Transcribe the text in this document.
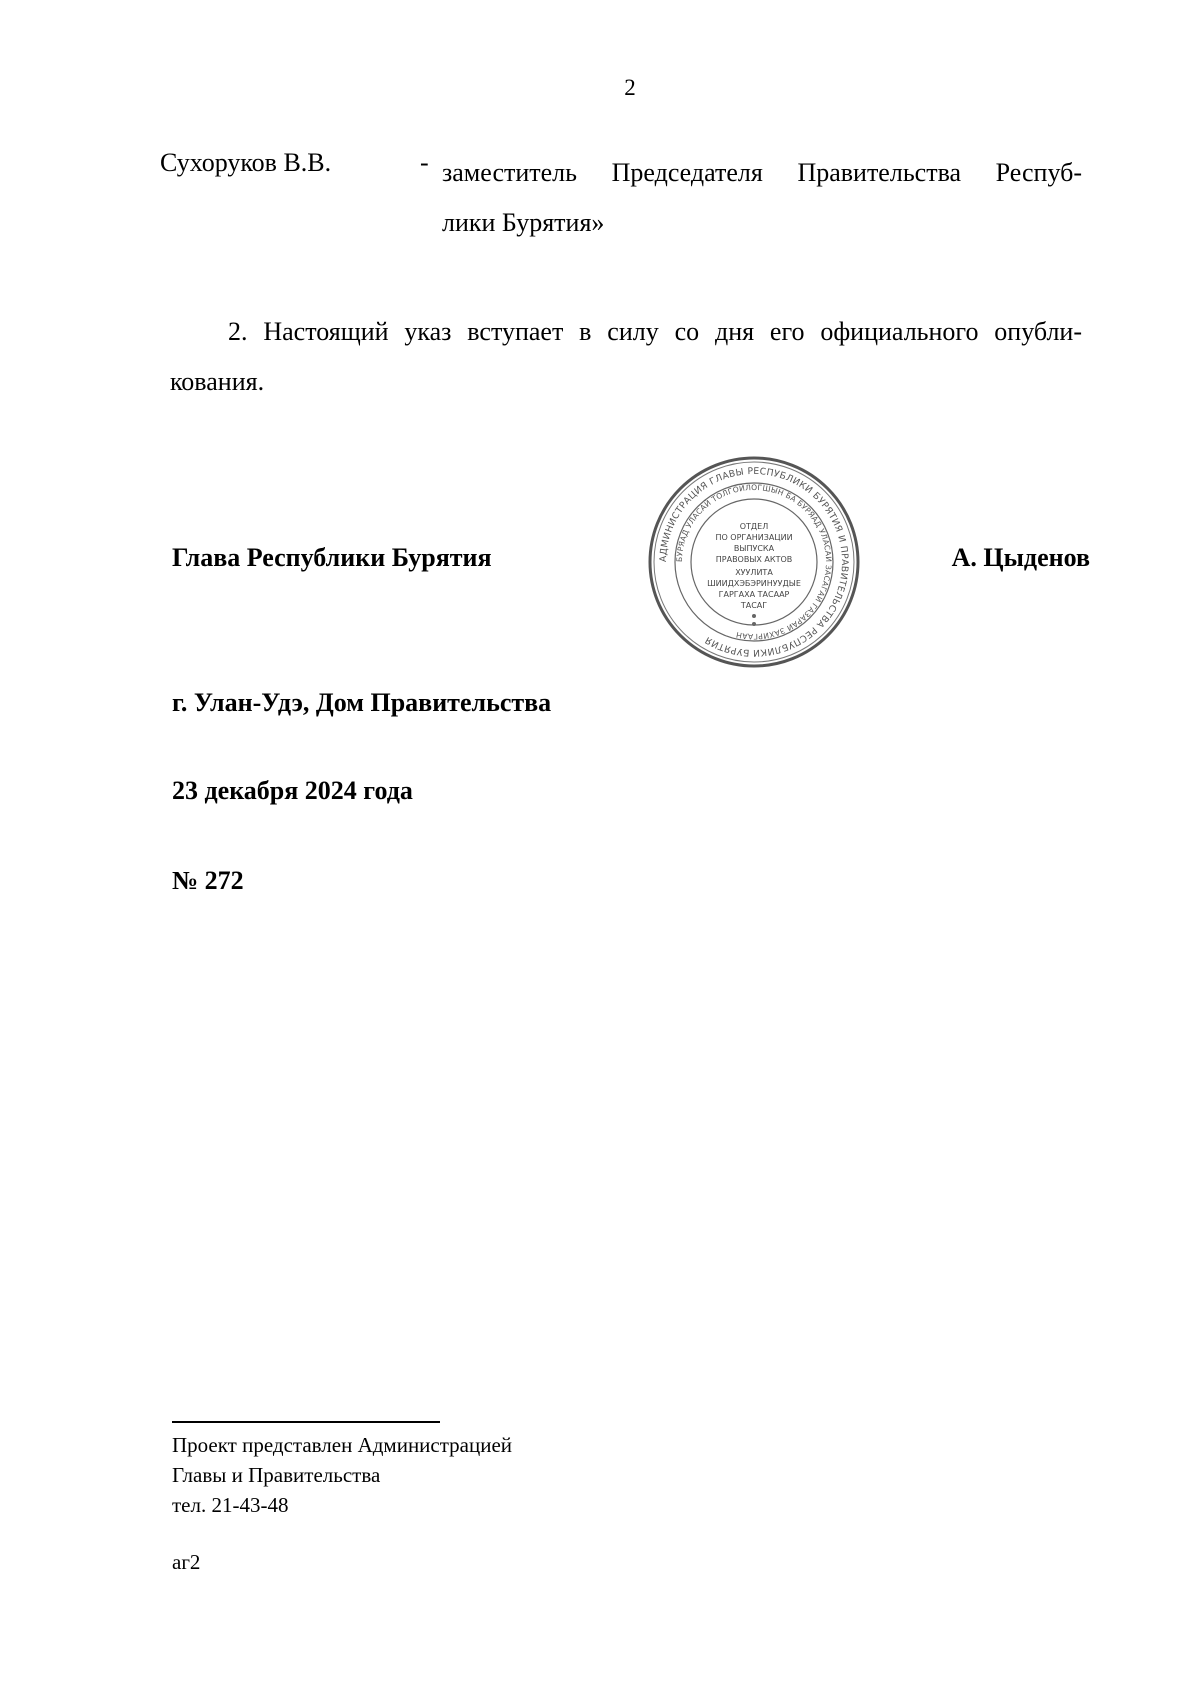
2
Сухоруков В.В.	- заместитель Председателя Правительства Респуб-
лики Бурятия»
2. Настоящий указ вступает в силу со дня его официального опубли-
кования.
Глава Республики Бурятия	АДМИНИСТРАЦИЯ ГЛАВЫ РЕСПУБЛИКИ БУРЯТИЯ И ПРАВИТЕЛЬСТВА РЕСПУБЛИКИ БУРЯТИЯ
БУРЯАД УЛАСАЙ ТОЛГОЙЛОГШЫН БА БУРЯАД УЛАСАЙ ЗАСАГАЙ ГАЗАРАЙ ЗАХИРГААН
ОТДЕЛ
ПО ОРГАНИЗАЦИИ
ВЫПУСКА
ПРАВОВЫХ АКТОВ
ХУУЛИТА
ШИИДХЭБЭРИНУУДЫЕ
ГАРГАХА ТАСААР
ТАСАГ
А. Цыденов
г. Улан-Удэ, Дом Правительства
23 декабря 2024 года
№ 272
Проект представлен Администрацией
Главы и Правительства
тел. 21-43-48
аг2
